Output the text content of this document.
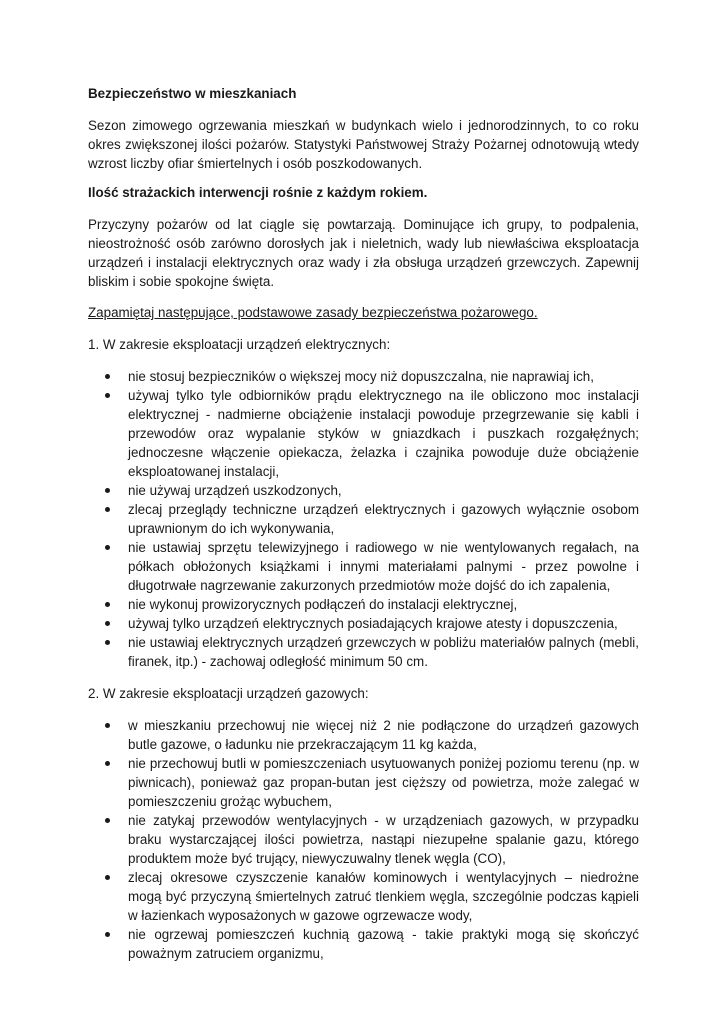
Bezpieczeństwo w mieszkaniach

Sezon zimowego ogrzewania mieszkań w budynkach wielo i jednorodzinnych, to co roku okres zwiększonej ilości pożarów. Statystyki Państwowej Straży Pożarnej odnotowują wtedy wzrost liczby ofiar śmiertelnych i osób poszkodowanych.

Ilość strażackich interwencji rośnie z każdym rokiem.

Przyczyny pożarów od lat ciągle się powtarzają. Dominujące ich grupy, to podpalenia, nieostrożność osób zarówno dorosłych jak i nieletnich, wady lub niewłaściwa eksploatacja urządzeń i instalacji elektrycznych oraz wady i zła obsługa urządzeń grzewczych. Zapewnij bliskim i sobie spokojne święta.

Zapamiętaj następujące, podstawowe zasady bezpieczeństwa pożarowego.

1. W zakresie eksploatacji urządzeń elektrycznych:

nie stosuj bezpieczników o większej mocy niż dopuszczalna, nie naprawiaj ich,
używaj tylko tyle odbiorników prądu elektrycznego na ile obliczono moc instalacji elektrycznej - nadmierne obciążenie instalacji powoduje przegrzewanie się kabli i przewodów oraz wypalanie styków w gniazdkach i puszkach rozgałęźnych; jednoczesne włączenie opiekacza, żelazka i czajnika powoduje duże obciążenie eksploatowanej instalacji,
nie używaj urządzeń uszkodzonych,
zlecaj przeglądy techniczne urządzeń elektrycznych i gazowych wyłącznie osobom uprawnionym do ich wykonywania,
nie ustawiaj sprzętu telewizyjnego i radiowego w nie wentylowanych regałach, na półkach obłożonych książkami i innymi materiałami palnymi - przez powolne i długotrwałe nagrzewanie zakurzonych przedmiotów może dojść do ich zapalenia,
nie wykonuj prowizorycznych podłączeń do instalacji elektrycznej,
używaj tylko urządzeń elektrycznych posiadających krajowe atesty i dopuszczenia,
nie ustawiaj elektrycznych urządzeń grzewczych w pobliżu materiałów palnych (mebli, firanek, itp.) - zachowaj odległość minimum 50 cm.

2. W zakresie eksploatacji urządzeń gazowych:

w mieszkaniu przechowuj nie więcej niż 2 nie podłączone do urządzeń gazowych butle gazowe, o ładunku nie przekraczającym 11 kg każda,
nie przechowuj butli w pomieszczeniach usytuowanych poniżej poziomu terenu (np. w piwnicach), ponieważ gaz propan-butan jest cięższy od powietrza, może zalegać w pomieszczeniu grożąc wybuchem,
nie zatykaj przewodów wentylacyjnych - w urządzeniach gazowych, w przypadku braku wystarczającej ilości powietrza, nastąpi niezupełne spalanie gazu, którego produktem może być trujący, niewyczuwalny tlenek węgla (CO),
zlecaj okresowe czyszczenie kanałów kominowych i wentylacyjnych – niedrożne mogą być przyczyną śmiertelnych zatruć tlenkiem węgla, szczególnie podczas kąpieli w łazienkach wyposażonych w gazowe ogrzewacze wody,
nie ogrzewaj pomieszczeń kuchnią gazową - takie praktyki mogą się skończyć poważnym zatruciem organizmu,
